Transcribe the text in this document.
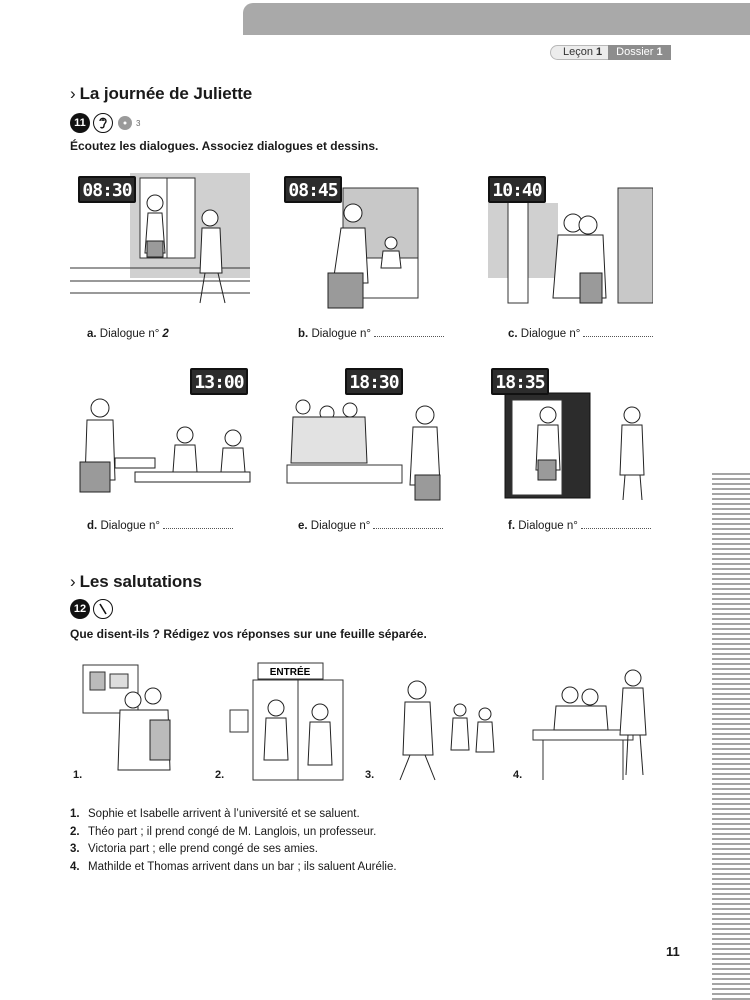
Leçon 1	Dossier 1
› La journée de Juliette
11	3
Écoutez les dialogues. Associez dialogues et dessins.
08:30	08:45	10:40
a. Dialogue n° 2	b. Dialogue n°	c. Dialogue n°
13:00	18:30	18:35
d. Dialogue n°	e. Dialogue n°	f. Dialogue n°
› Les salutations
12
Que disent-ils ? Rédigez vos réponses sur une feuille séparée.
1.
ENTRÉE
2.	3.	4.
1. Sophie et Isabelle arrivent à l’université et se saluent.
2. Théo part ; il prend congé de M. Langlois, un professeur.
3. Victoria part ; elle prend congé de ses amies.
4. Mathilde et Thomas arrivent dans un bar ; ils saluent Aurélie.
11
